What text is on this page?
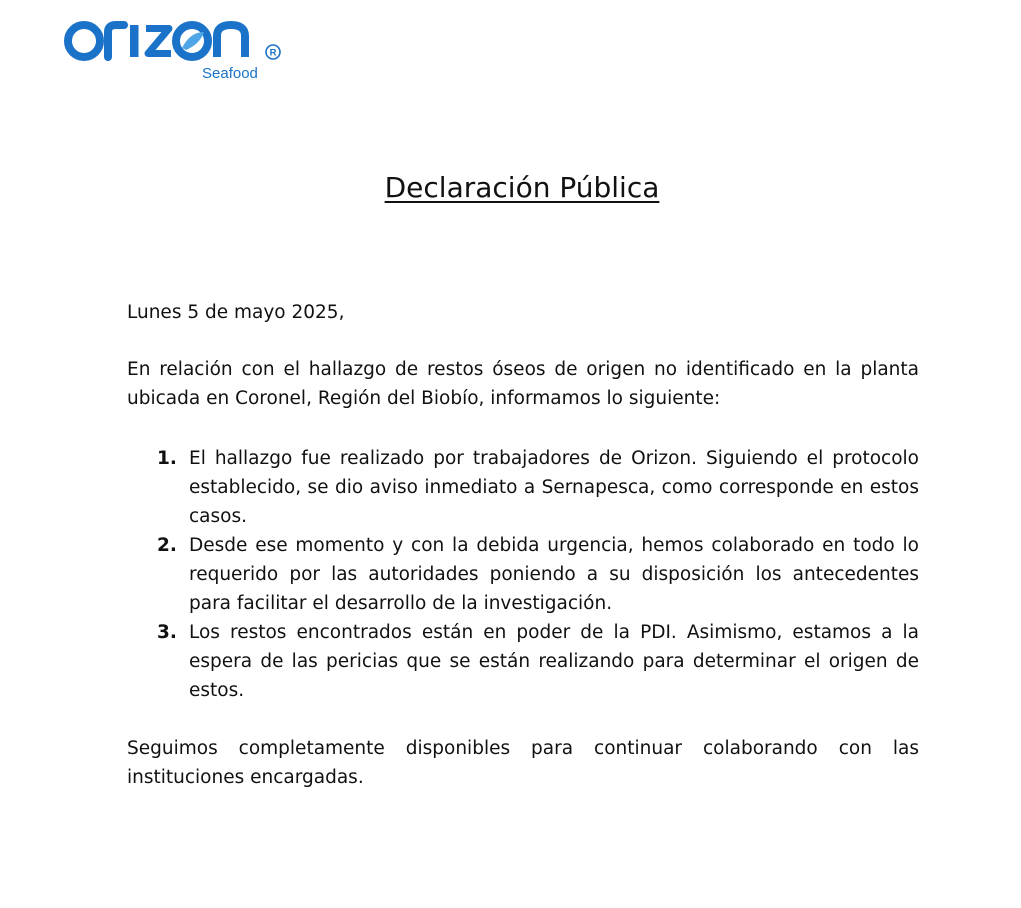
R
Seafood
Declaración Pública
Lunes 5 de mayo 2025,

En relación con el hallazgo de restos óseos de origen no identificado en la planta ubicada en Coronel, Región del Biobío, informamos lo siguiente:

1. El hallazgo fue realizado por trabajadores de Orizon. Siguiendo el protocolo establecido, se dio aviso inmediato a Sernapesca, como corresponde en estos casos.
2. Desde ese momento y con la debida urgencia, hemos colaborado en todo lo requerido por las autoridades poniendo a su disposición los antecedentes para facilitar el desarrollo de la investigación.
3. Los restos encontrados están en poder de la PDI. Asimismo, estamos a la espera de las pericias que se están realizando para determinar el origen de estos.

Seguimos completamente disponibles para continuar colaborando con las instituciones encargadas.
